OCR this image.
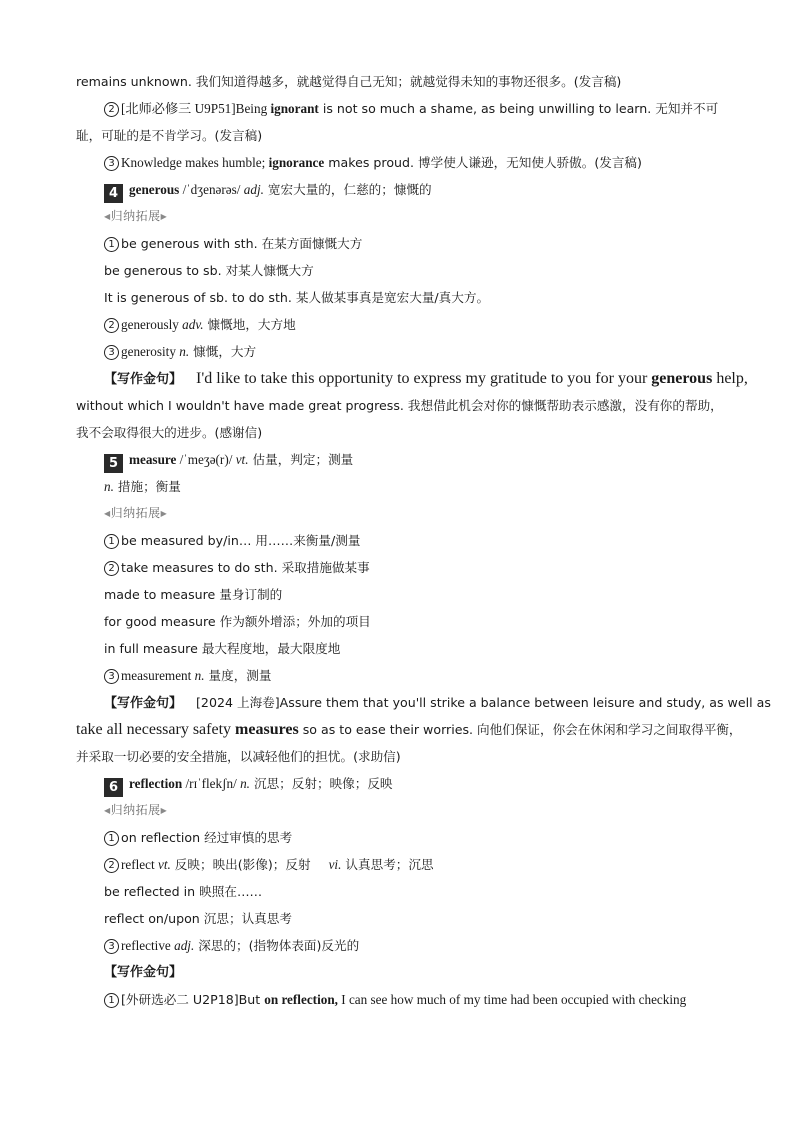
remains unknown. 我们知道得越多，就越觉得自己无知；就越觉得未知的事物还很多。(发言稿)
2 [北师必修三 U9P51]Being ignorant is not so much a shame, as being unwilling to learn. 无知并不可
耻，可耻的是不肯学习。(发言稿)
3 Knowledge makes humble; ignorance makes proud. 博学使人谦逊，无知使人骄傲。(发言稿)
4 generous /ˈdʒenərəs/ adj. 宽宏大量的，仁慈的；慷慨的
◀归纳拓展▶
1 be generous with sth. 在某方面慷慨大方
be generous to sb. 对某人慷慨大方
It is generous of sb. to do sth. 某人做某事真是宽宏大量/真大方。
2 generously adv. 慷慨地，大方地
3 generosity n. 慷慨，大方
【写作金句】 I'd like to take this opportunity to express my gratitude to you for your generous help,
without which I wouldn't have made great progress. 我想借此机会对你的慷慨帮助表示感激，没有你的帮助，
我不会取得很大的进步。(感谢信)
5 measure /ˈmeʒə(r)/ vt. 估量，判定；测量
n. 措施；衡量
◀归纳拓展▶
1 be measured by/in… 用……来衡量/测量
2 take measures to do sth. 采取措施做某事
made to measure 量身订制的
for good measure 作为额外增添；外加的项目
in full measure 最大程度地，最大限度地
3 measurement n. 量度，测量
【写作金句】 [2024 上海卷]Assure them that you'll strike a balance between leisure and study, as well as
take all necessary safety measures so as to ease their worries. 向他们保证，你会在休闲和学习之间取得平衡，
并采取一切必要的安全措施，以减轻他们的担忧。(求助信)
6 reflection /rɪˈflekʃn/ n. 沉思；反射；映像；反映
◀归纳拓展▶
1 on reflection 经过审慎的思考
2 reflect vt. 反映；映出(影像)；反射 vi. 认真思考；沉思
be reflected in 映照在……
reflect on/upon 沉思；认真思考
3 reflective adj. 深思的；(指物体表面)反光的
【写作金句】
1 [外研选必二 U2P18]But on reflection, I can see how much of my time had been occupied with checking
